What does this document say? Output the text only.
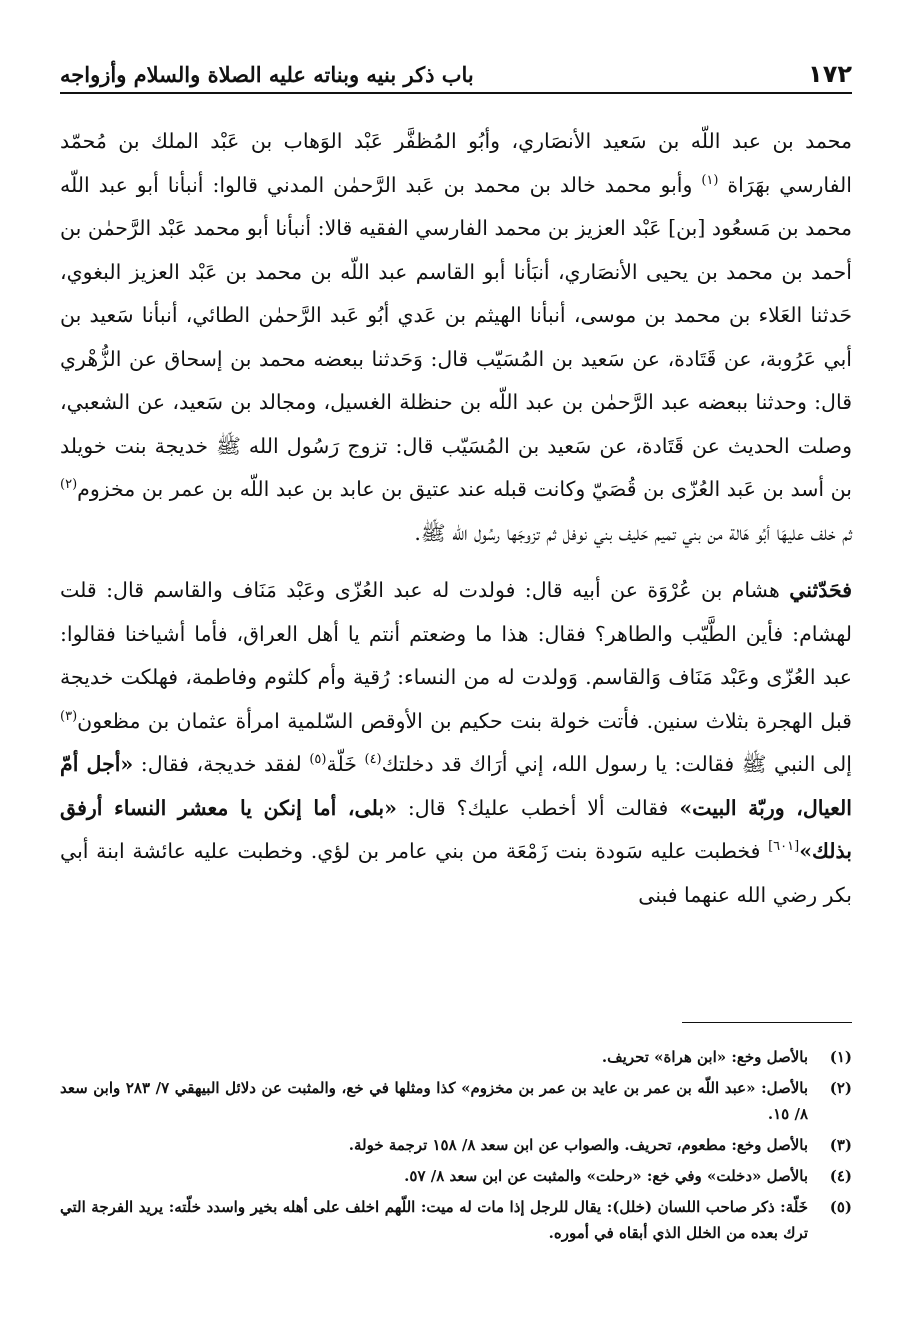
١٧٢
باب ذكر بنيه وبناته عليه الصلاة والسلام وأزواجه

محمد بن عبد اللّه بن سَعيد الأنصَاري، وأبُو المُظفَّر عَبْد الوَهاب بن عَبْد الملك بن مُحمّد الفارسي بهَرَاة $^{(١)}$ وأبو محمد خالد بن محمد بن عَبد الرَّحمٰن المدني قالوا: أنبأنا أبو عبد اللّه محمد بن مَسعُود [بن] عَبْد العزيز بن محمد الفارسي الفقيه قالا: أنبأنا أبو محمد عَبْد الرَّحمٰن بن أحمد بن محمد بن يحيى الأنصَاري، أنبَأنا أبو القاسم عبد اللّه بن محمد بن عَبْد العزيز البغوي، حَدثنا العَلاء بن محمد بن موسى، أنبأنا الهيثم بن عَدي أبُو عَبد الرَّحمٰن الطائي، أنبأنا سَعيد بن أبي عَرُوبة، عن قَتَادة، عن سَعيد بن المُسَيّب قال: وَحَدثنا ببعضه محمد بن إسحاق عن الزُّهْري قال: وحدثنا ببعضه عبد الرَّحمٰن بن عبد اللّه بن حنظلة الغسيل، ومجالد بن سَعيد، عن الشعبي، وصلت الحديث عن قَتَادة، عن سَعيد بن المُسَيّب قال: تزوج رَسُول الله ﷺ خديجة بنت خويلد بن أسد بن عَبد العُزّى بن قُصَيّ وكانت قبله عند عتيق بن عابد بن عبد اللّه بن عمر بن مخزوم$^{(٢)}$ ثم خلف عليهَا أبُو هَالة من بني تميم حَليف بني نوفل ثم تزوجَها رسُول الله ﷺ.

فحَدّثني هشام بن عُرْوَة عن أبيه قال: فولدت له عبد العُزّى وعَبْد مَنَاف والقاسم قال: قلت لهشام: فأين الطَّيّب والطاهر؟ فقال: هذا ما وضعتم أنتم يا أهل العراق، فأما أشياخنا فقالوا: عبد العُزّى وعَبْد مَنَاف وَالقاسم. وَولدت له من النساء: رُقية وأم كلثوم وفاطمة، فهلكت خديجة قبل الهجرة بثلاث سنين. فأتت خولة بنت حكيم بن الأوقص السّلمية امرأة عثمان بن مظعون$^{(٣)}$ إلى النبي ﷺ فقالت: يا رسول الله، إني أرَاك قد دخلتك$^{(٤)}$ خَلّة$^{(٥)}$ لفقد خديجة، فقال: «أجل أمّ العيال، وربّة البيت» فقالت ألا أخطب عليك؟ قال: «بلى، أما إنكن يا معشر النساء أرفق بذلك»[٦٠١] فخطبت عليه سَودة بنت زَمْعَة من بني عامر بن لؤي. وخطبت عليه عائشة ابنة أبي بكر رضي الله عنهما فبنى

(١)
بالأصل وخع: «ابن هراة» تحريف.
(٢)
بالأصل: «عبد اللّه بن عمر بن عايد بن عمر بن مخزوم» كذا ومثلها في خع، والمثبت عن دلائل البيهقي ٧/ ٢٨٣ وابن سعد ٨/ ١٥.
(٣)
بالأصل وخع: مطعوم، تحريف. والصواب عن ابن سعد ٨/ ١٥٨ ترجمة خولة.
(٤)
بالأصل «دخلت» وفي خع: «رحلت» والمثبت عن ابن سعد ٨/ ٥٧.
(٥)
خَلّة: ذكر صاحب اللسان (خلل): يقال للرجل إذا مات له ميت: اللّهم اخلف على أهله بخير واسدد خلّته: يريد الفرجة التي ترك بعده من الخلل الذي أبقاه في أموره.
